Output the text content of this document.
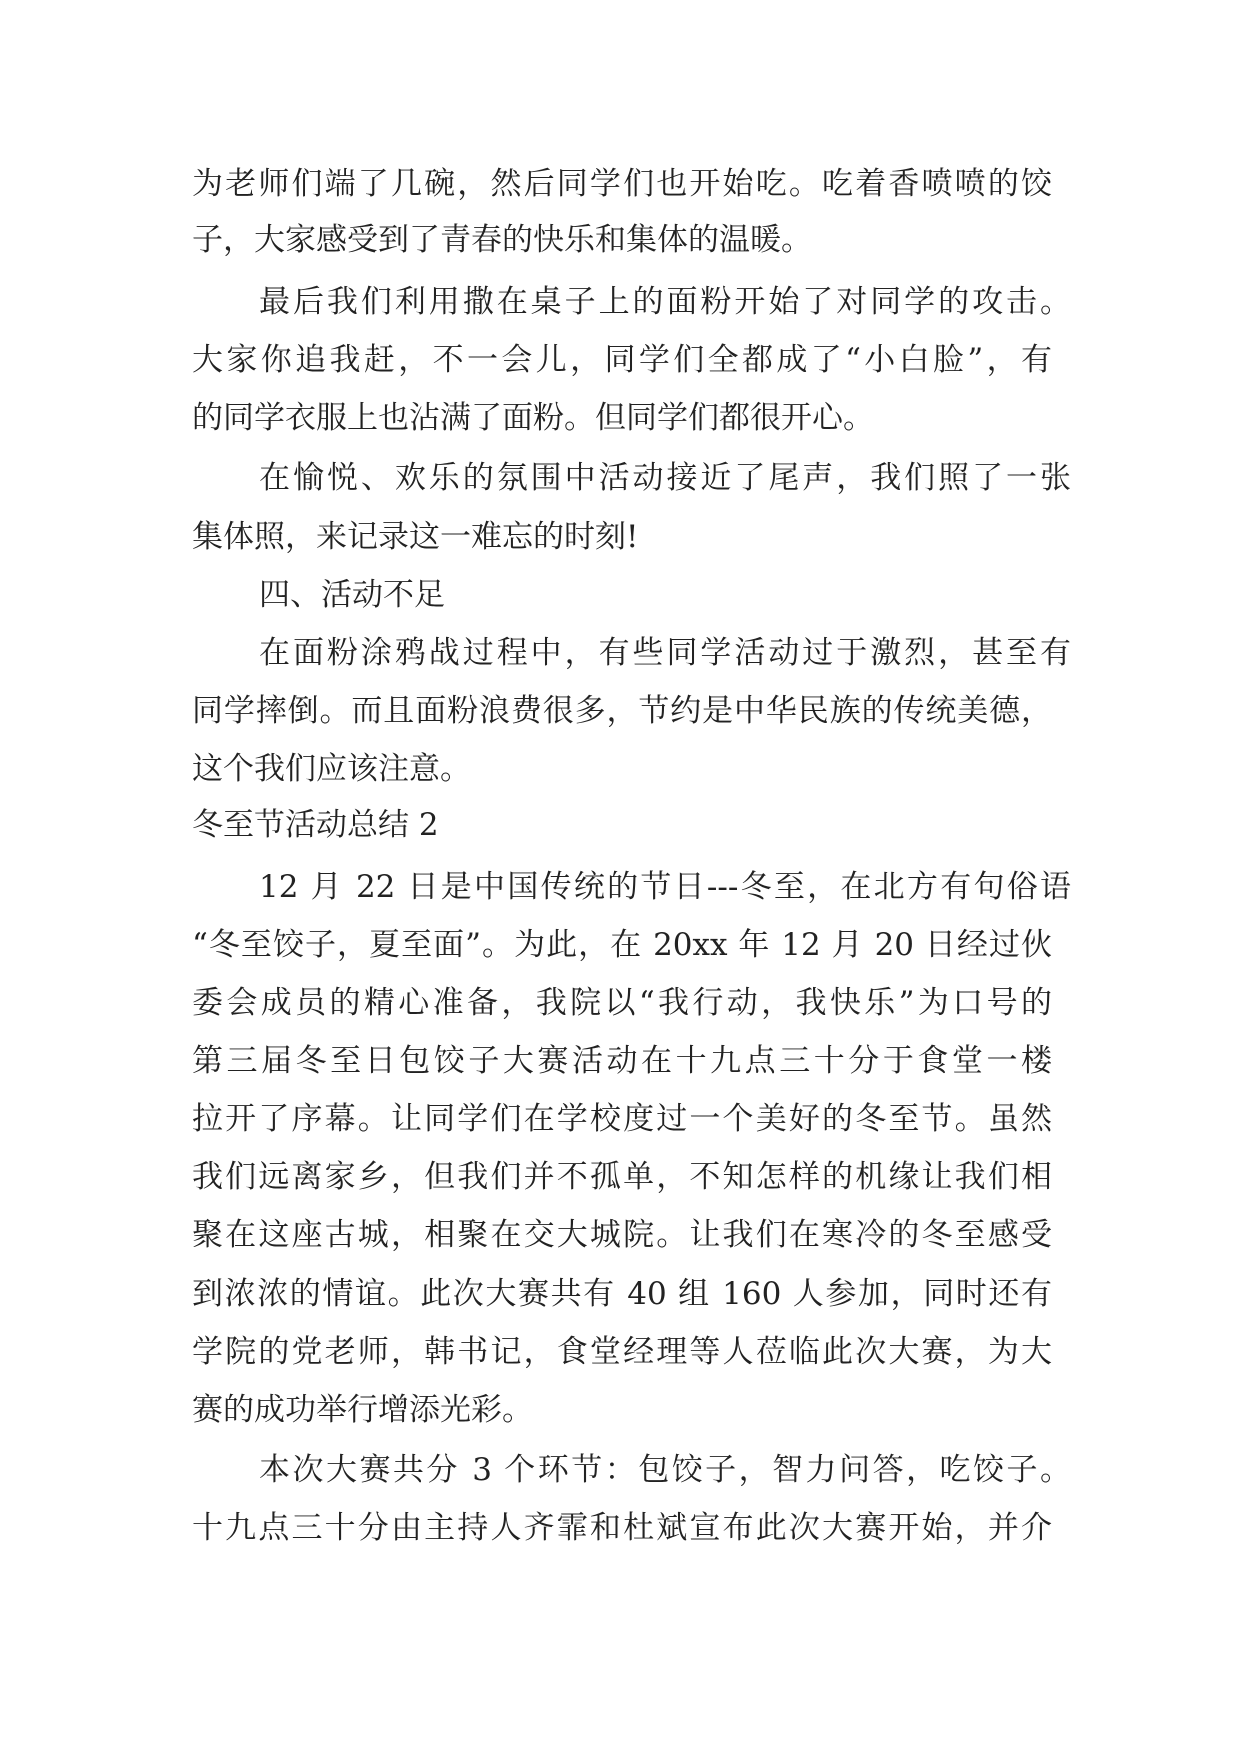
为老师们端了几碗，然后同学们也开始吃。吃着香喷喷的饺
子，大家感受到了青春的快乐和集体的温暖。
最后我们利用撒在桌子上的面粉开始了对同学的攻击。
大家你追我赶，不一会儿，同学们全都成了“小白脸”，有
的同学衣服上也沾满了面粉。但同学们都很开心。
在愉悦、欢乐的氛围中活动接近了尾声，我们照了一张
集体照，来记录这一难忘的时刻!
四、活动不足
在面粉涂鸦战过程中，有些同学活动过于激烈，甚至有
同学摔倒。而且面粉浪费很多，节约是中华民族的传统美德，
这个我们应该注意。
冬至节活动总结 2
12 月 22 日是中国传统的节日---冬至，在北方有句俗语
“冬至饺子，夏至面”。为此，在 20xx 年 12 月 20 日经过伙
委会成员的精心准备，我院以“我行动，我快乐”为口号的
第三届冬至日包饺子大赛活动在十九点三十分于食堂一楼
拉开了序幕。让同学们在学校度过一个美好的冬至节。虽然
我们远离家乡，但我们并不孤单，不知怎样的机缘让我们相
聚在这座古城，相聚在交大城院。让我们在寒冷的冬至感受
到浓浓的情谊。此次大赛共有 40 组 160 人参加，同时还有
学院的党老师，韩书记，食堂经理等人莅临此次大赛，为大
赛的成功举行增添光彩。
本次大赛共分 3 个环节：包饺子，智力问答，吃饺子。
十九点三十分由主持人齐霏和杜斌宣布此次大赛开始，并介
